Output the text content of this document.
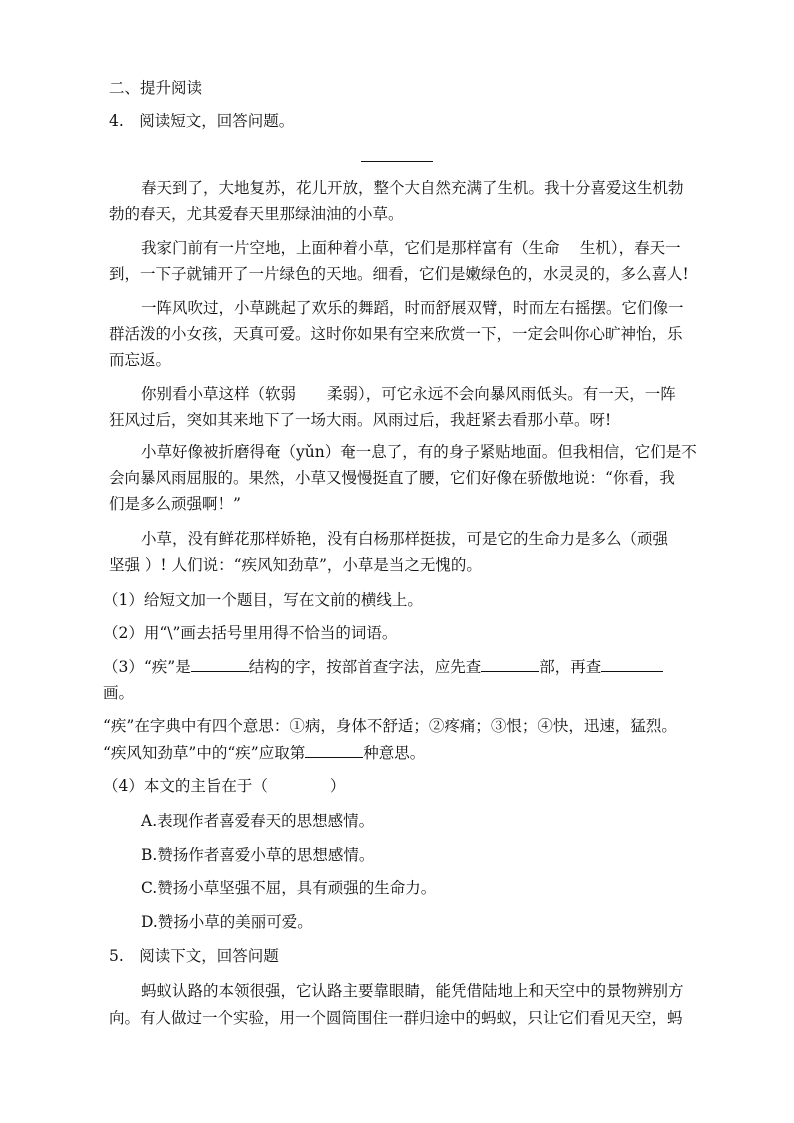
二、提升阅读
4.　阅读短文，回答问题。
春天到了，大地复苏，花儿开放，整个大自然充满了生机。我十分喜爱这生机勃
勃的春天，尤其爱春天里那绿油油的小草。
我家门前有一片空地，上面种着小草，它们是那样富有（生命　 生机），春天一
到，一下子就铺开了一片绿色的天地。细看，它们是嫩绿色的，水灵灵的，多么喜人!
一阵风吹过，小草跳起了欢乐的舞蹈，时而舒展双臂，时而左右摇摆。它们像一
群活泼的小女孩，天真可爱。这时你如果有空来欣赏一下，一定会叫你心旷神怡，乐
而忘返。
你别看小草这样（软弱　　柔弱），可它永远不会向暴风雨低头。有一天，一阵
狂风过后，突如其来地下了一场大雨。风雨过后，我赶紧去看那小草。呀!
小草好像被折磨得奄（yǔn）奄一息了，有的身子紧贴地面。但我相信，它们是不
会向暴风雨屈服的。果然，小草又慢慢挺直了腰，它们好像在骄傲地说：“你看，我
们是多么顽强啊！”
小草，没有鲜花那样娇艳，没有白杨那样挺拔，可是它的生命力是多么（顽强
坚强 ）! 人们说：“疾风知劲草”，小草是当之无愧的。
（1）给短文加一个题目，写在文前的横线上。
（2）用“\”画去括号里用得不恰当的词语。
（3）“疾”是	结构的字，按部首查字法，应先查	部，再查
画。
“疾”在字典中有四个意思：①病，身体不舒适；②疼痛；③恨；④快，迅速，猛烈。
“疾风知劲草”中的“疾”应取第	种意思。
（4）本文的主旨在于（　　　　）
A.表现作者喜爱春天的思想感情。
B.赞扬作者喜爱小草的思想感情。
C.赞扬小草坚强不屈，具有顽强的生命力。
D.赞扬小草的美丽可爱。
5.　阅读下文，回答问题
蚂蚁认路的本领很强，它认路主要靠眼睛，能凭借陆地上和天空中的景物辨别方
向。有人做过一个实验，用一个圆筒围住一群归途中的蚂蚁，只让它们看见天空，蚂
